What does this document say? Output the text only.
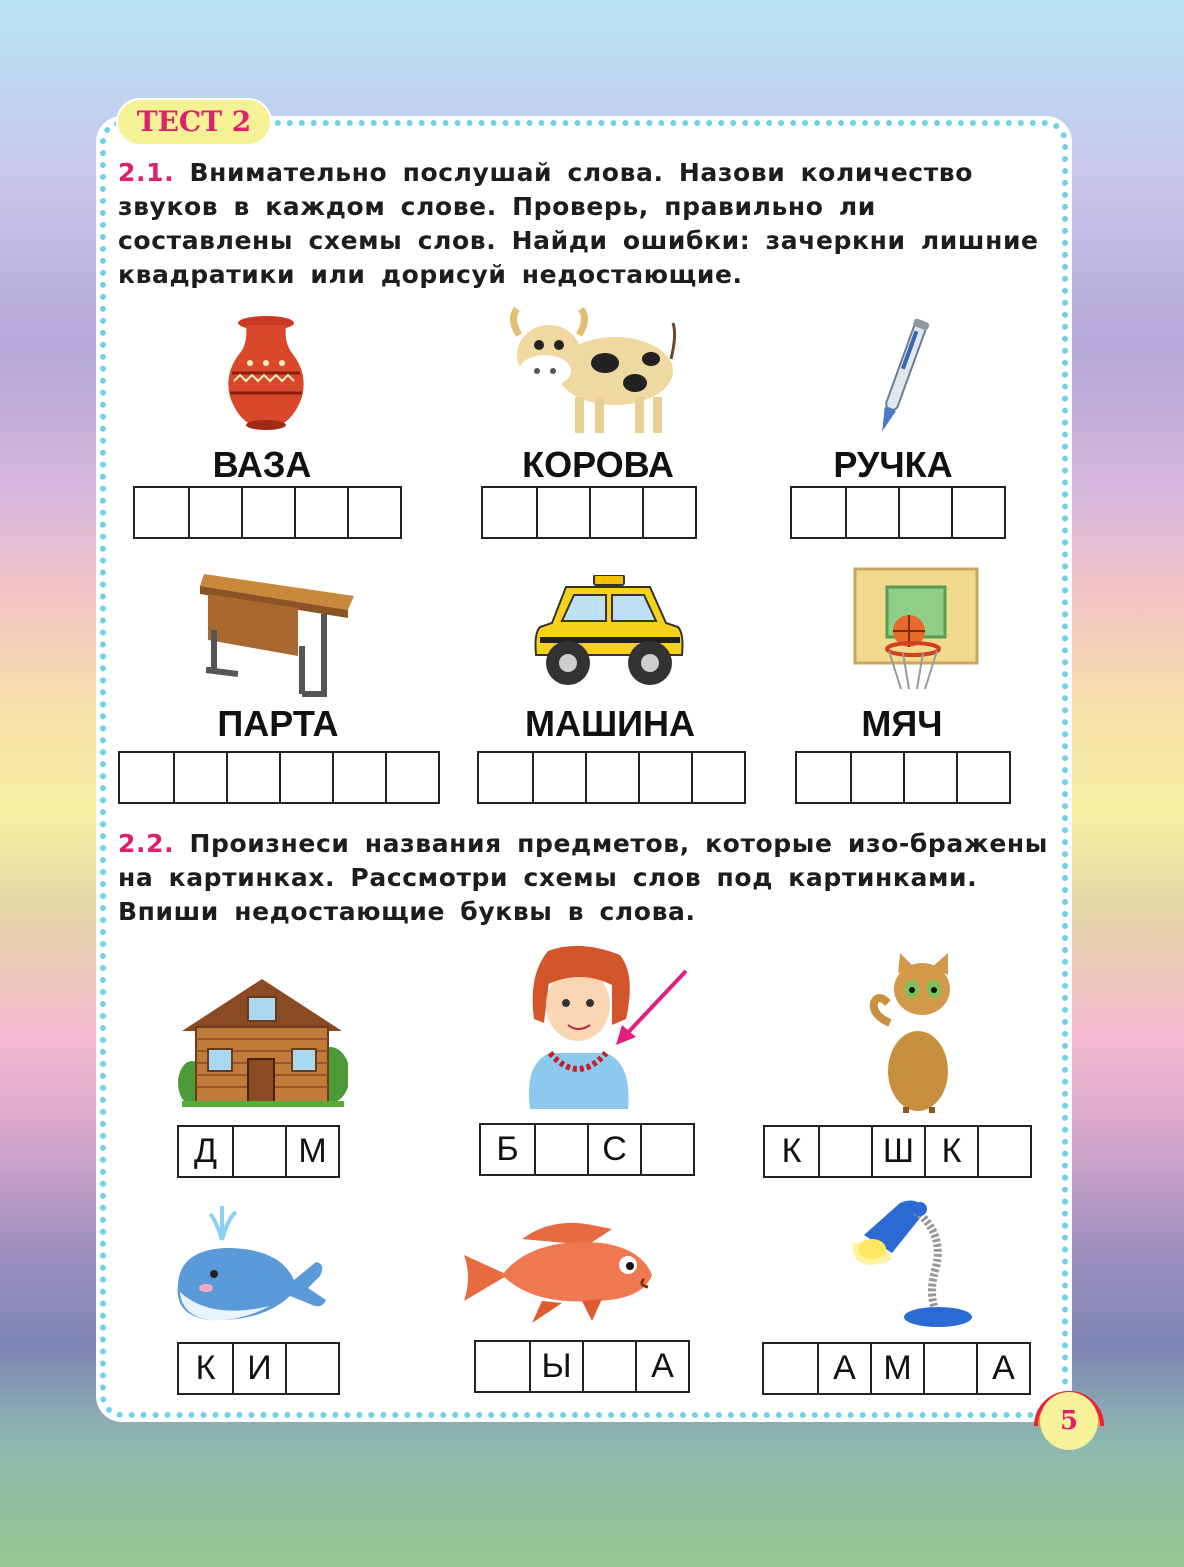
ТЕСТ 2
2.1. Внимательно послушай слова. Назови количество звуков в каждом слове. Проверь, правильно ли составлены схемы слов. Найди ошибки: зачеркни лишние квадратики или дорисуй недостающие.
ВАЗА	КОРОВА	РУЧКА
ПАРТА	МАШИНА	МЯЧ
2.2. Произнеси названия предметов, которые изо-бражены на картинках. Рассмотри схемы слов под картинками. Впиши недостающие буквы в слова.
Д	М	Б	С	К	Ш К
К И	Ы	А	А М	А
5
